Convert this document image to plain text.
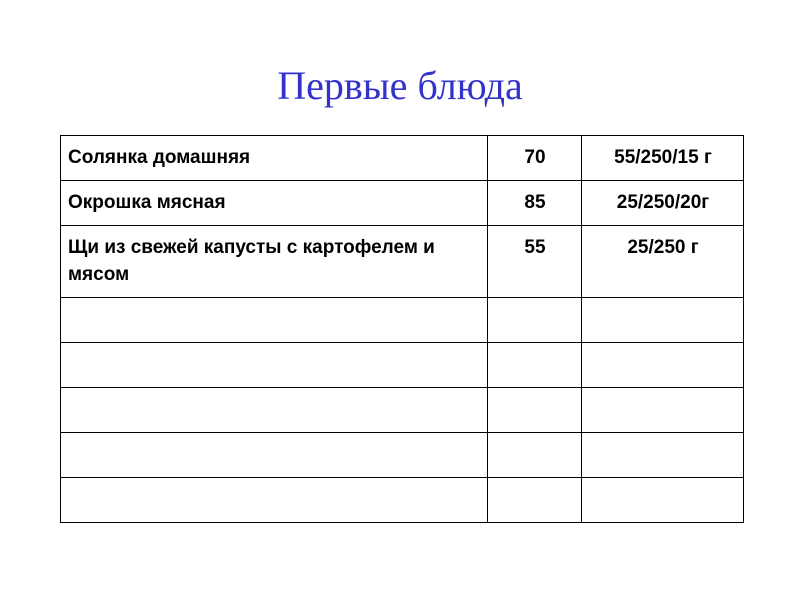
Первые блюда
Солянка домашняя	70	55/250/15 г
Окрошка мясная	85	25/250/20г
Щи из свежей капусты с картофелем и мясом	55	25/250 г
